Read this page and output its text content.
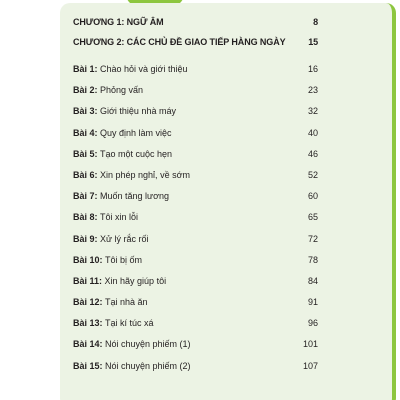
CHƯƠNG 1: NGỮ ÂM	8
CHƯƠNG 2: CÁC CHỦ ĐỀ GIAO TIẾP HÀNG NGÀY	15
Bài 1: Chào hỏi và giới thiệu	16
Bài 2: Phỏng vấn	23
Bài 3: Giới thiệu nhà máy	32
Bài 4: Quy định làm việc	40
Bài 5: Tạo một cuộc hẹn	46
Bài 6: Xin phép nghỉ, về sớm	52
Bài 7: Muốn tăng lương	60
Bài 8: Tôi xin lỗi	65
Bài 9: Xử lý rắc rối	72
Bài 10: Tôi bị ốm	78
Bài 11: Xin hãy giúp tôi	84
Bài 12: Tại nhà ăn	91
Bài 13: Tại kí túc xá	96
Bài 14: Nói chuyện phiếm (1)	101
Bài 15: Nói chuyện phiếm (2)	107
